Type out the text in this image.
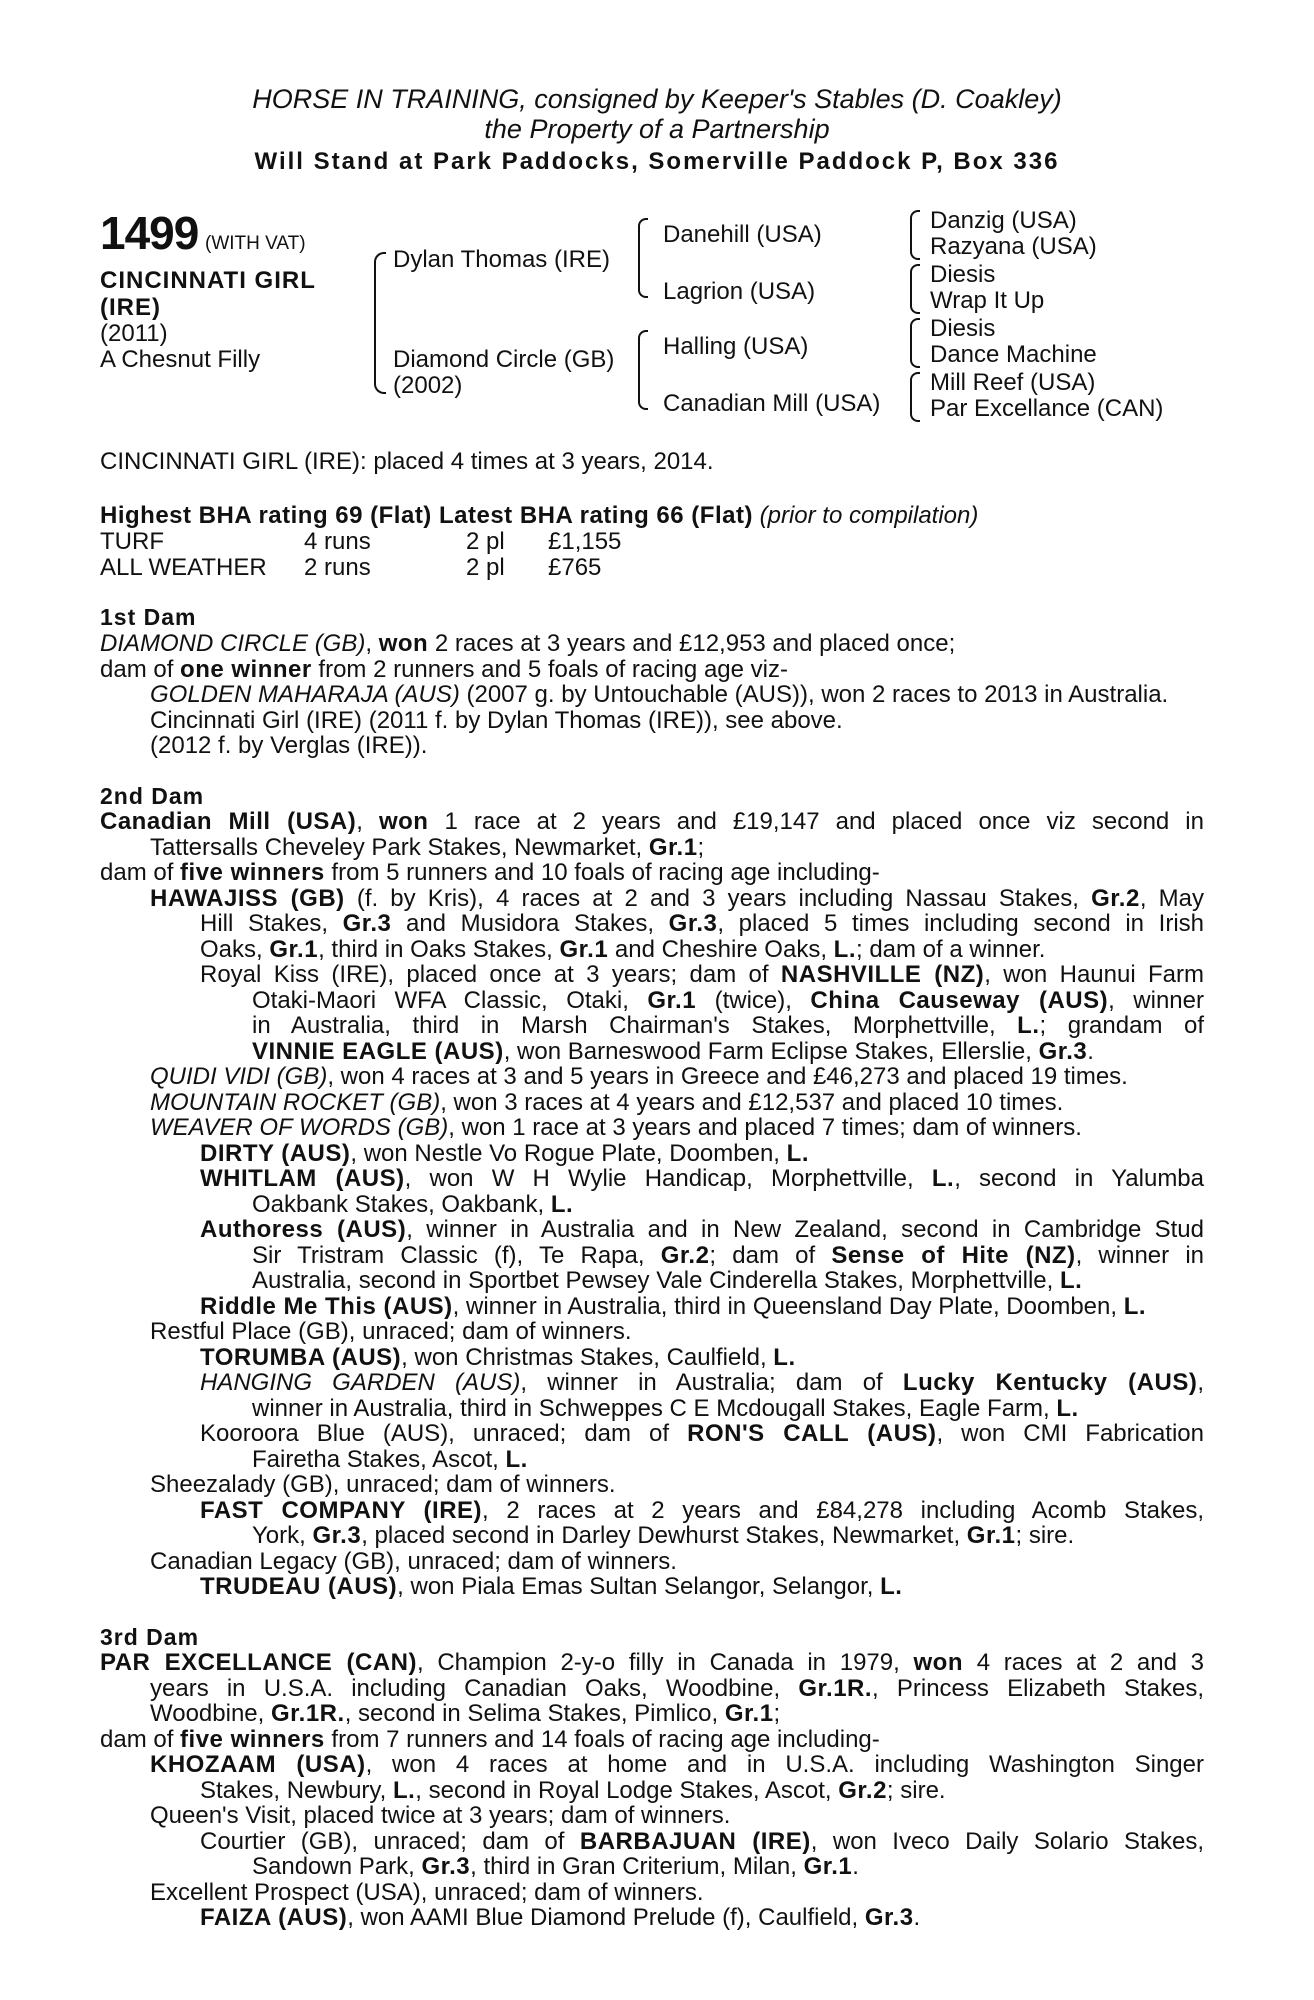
HORSE IN TRAINING, consigned by Keeper's Stables (D. Coakley)
the Property of a Partnership
Will Stand at Park Paddocks, Somerville Paddock P, Box 336
1499 (WITH VAT)
CINCINNATI GIRL
(IRE)
(2011)
A Chesnut Filly
Dylan Thomas (IRE)
Diamond Circle (GB)
(2002)
Danehill (USA)
Lagrion (USA)
Halling (USA)
Canadian Mill (USA)
Danzig (USA)
Razyana (USA)
Diesis
Wrap It Up
Diesis
Dance Machine
Mill Reef (USA)
Par Excellance (CAN)
CINCINNATI GIRL (IRE): placed 4 times at 3 years, 2014.
Highest BHA rating 69 (Flat) Latest BHA rating 66 (Flat) (prior to compilation)
TURF	4 runs	2 pl £1,155
ALL WEATHER 2 runs	2 pl £765
1st Dam
DIAMOND CIRCLE (GB), won 2 races at 3 years and £12,953 and placed once;
dam of one winner from 2 runners and 5 foals of racing age viz-
GOLDEN MAHARAJA (AUS) (2007 g. by Untouchable (AUS)), won 2 races to 2013 in Australia.
Cincinnati Girl (IRE) (2011 f. by Dylan Thomas (IRE)), see above.
(2012 f. by Verglas (IRE)).
2nd Dam
Canadian Mill (USA), won 1 race at 2 years and £19,147 and placed once viz second in
Tattersalls Cheveley Park Stakes, Newmarket, Gr.1;
dam of five winners from 5 runners and 10 foals of racing age including-
HAWAJISS (GB) (f. by Kris), 4 races at 2 and 3 years including Nassau Stakes, Gr.2, May
Hill Stakes, Gr.3 and Musidora Stakes, Gr.3, placed 5 times including second in Irish
Oaks, Gr.1, third in Oaks Stakes, Gr.1 and Cheshire Oaks, L.; dam of a winner.
Royal Kiss (IRE), placed once at 3 years; dam of NASHVILLE (NZ), won Haunui Farm
Otaki-Maori WFA Classic, Otaki, Gr.1 (twice), China Causeway (AUS), winner
in Australia, third in Marsh Chairman's Stakes, Morphettville, L.; grandam of
VINNIE EAGLE (AUS), won Barneswood Farm Eclipse Stakes, Ellerslie, Gr.3.
QUIDI VIDI (GB), won 4 races at 3 and 5 years in Greece and £46,273 and placed 19 times.
MOUNTAIN ROCKET (GB), won 3 races at 4 years and £12,537 and placed 10 times.
WEAVER OF WORDS (GB), won 1 race at 3 years and placed 7 times; dam of winners.
DIRTY (AUS), won Nestle Vo Rogue Plate, Doomben, L.
WHITLAM (AUS), won W H Wylie Handicap, Morphettville, L., second in Yalumba
Oakbank Stakes, Oakbank, L.
Authoress (AUS), winner in Australia and in New Zealand, second in Cambridge Stud
Sir Tristram Classic (f), Te Rapa, Gr.2; dam of Sense of Hite (NZ), winner in
Australia, second in Sportbet Pewsey Vale Cinderella Stakes, Morphettville, L.
Riddle Me This (AUS), winner in Australia, third in Queensland Day Plate, Doomben, L.
Restful Place (GB), unraced; dam of winners.
TORUMBA (AUS), won Christmas Stakes, Caulfield, L.
HANGING GARDEN (AUS), winner in Australia; dam of Lucky Kentucky (AUS),
winner in Australia, third in Schweppes C E Mcdougall Stakes, Eagle Farm, L.
Kooroora Blue (AUS), unraced; dam of RON'S CALL (AUS), won CMI Fabrication
Fairetha Stakes, Ascot, L.
Sheezalady (GB), unraced; dam of winners.
FAST COMPANY (IRE), 2 races at 2 years and £84,278 including Acomb Stakes,
York, Gr.3, placed second in Darley Dewhurst Stakes, Newmarket, Gr.1; sire.
Canadian Legacy (GB), unraced; dam of winners.
TRUDEAU (AUS), won Piala Emas Sultan Selangor, Selangor, L.
3rd Dam
PAR EXCELLANCE (CAN), Champion 2-y-o filly in Canada in 1979, won 4 races at 2 and 3
years in U.S.A. including Canadian Oaks, Woodbine, Gr.1R., Princess Elizabeth Stakes,
Woodbine, Gr.1R., second in Selima Stakes, Pimlico, Gr.1;
dam of five winners from 7 runners and 14 foals of racing age including-
KHOZAAM (USA), won 4 races at home and in U.S.A. including Washington Singer
Stakes, Newbury, L., second in Royal Lodge Stakes, Ascot, Gr.2; sire.
Queen's Visit, placed twice at 3 years; dam of winners.
Courtier (GB), unraced; dam of BARBAJUAN (IRE), won Iveco Daily Solario Stakes,
Sandown Park, Gr.3, third in Gran Criterium, Milan, Gr.1.
Excellent Prospect (USA), unraced; dam of winners.
FAIZA (AUS), won AAMI Blue Diamond Prelude (f), Caulfield, Gr.3.
